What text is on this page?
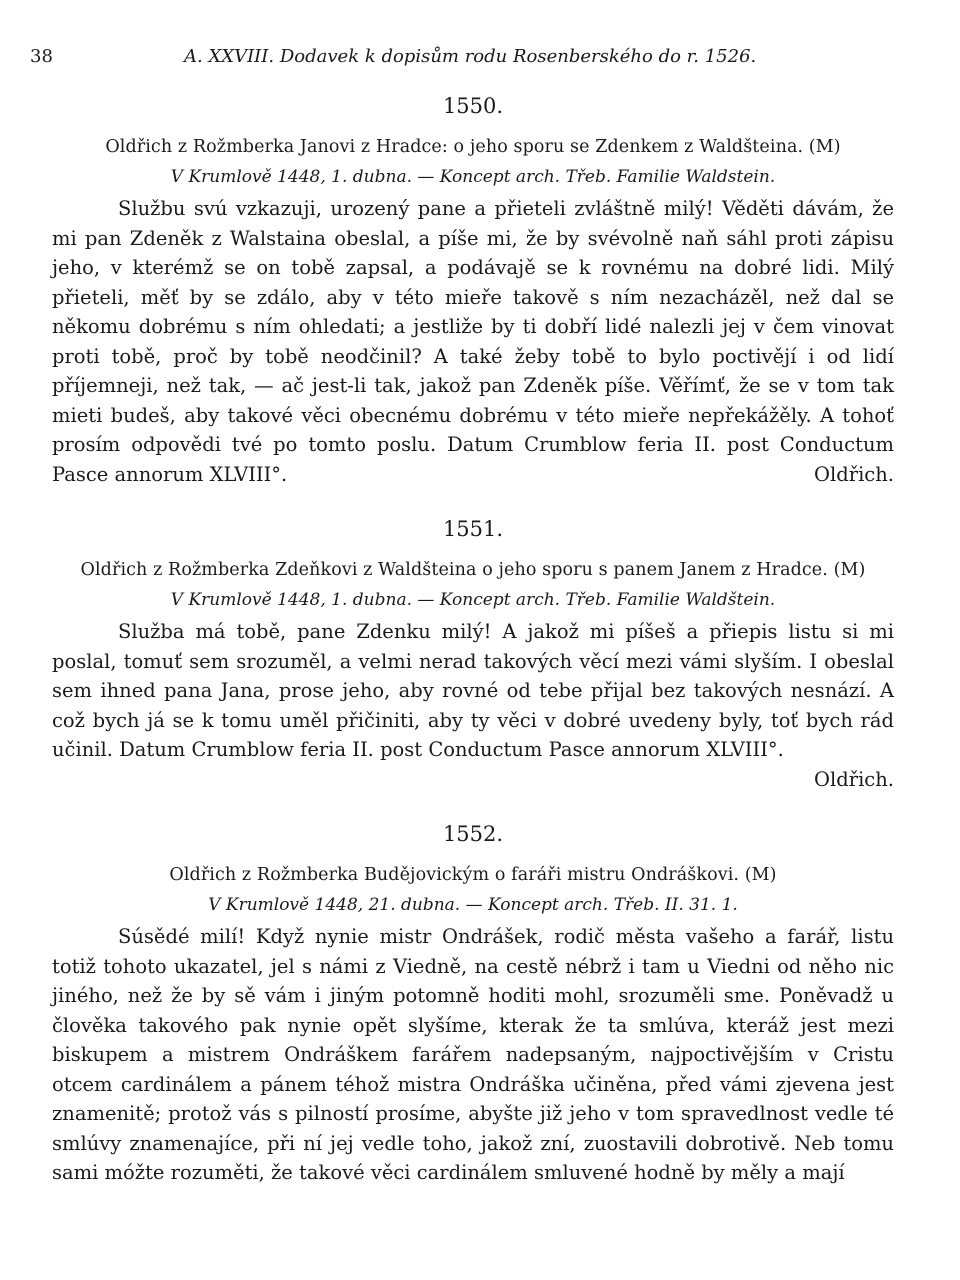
38	A. XXVIII. Dodavek k dopisům rodu Rosenberského do r. 1526.
1550.

Oldřich z Rožmberka Janovi z Hradce: o jeho sporu se Zdenkem z Waldšteina. (M)

V Krumlově 1448, 1. dubna. — Koncept arch. Třeb. Familie Waldstein.

Službu svú vzkazuji, urozený pane a přieteli zvláštně milý! Věděti dávám, že mi pan Zdeněk z Walstaina obeslal, a píše mi, že by svévolně naň sáhl proti zápisu jeho, v kterémž se on tobě zapsal, a podávajě se k rovnému na dobré lidi. Milý přieteli, měť by se zdálo, aby v této mieře takově s ním nezacházěl, než dal se někomu dobrému s ním ohledati; a jestliže by ti dobří lidé nalezli jej v čem vinovat proti tobě, proč by tobě neodčinil? A také žeby tobě to bylo poctivějí i od lidí příjemneji, než tak, — ač jest-li tak, jakož pan Zdeněk píše. Věřímť, že se v tom tak mieti budeš, aby takové věci obecnému dobrému v této mieře nepřekážěly. A tohoť prosím odpovědi tvé po tomto poslu. Datum Crumblow feria II. post Conductum Pasce annorum XLVIII°.	Oldřich.

1551.

Oldřich z Rožmberka Zdeňkovi z Waldšteina o jeho sporu s panem Janem z Hradce. (M)

V Krumlově 1448, 1. dubna. — Koncept arch. Třeb. Familie Waldštein.

Služba má tobě, pane Zdenku milý! A jakož mi píšeš a přiepis listu si mi poslal, tomuť sem srozuměl, a velmi nerad takových věcí mezi vámi slyším. I obeslal sem ihned pana Jana, prose jeho, aby rovné od tebe přijal bez takových nesnází. A což bych já se k tomu uměl přičiniti, aby ty věci v dobré uvedeny byly, toť bych rád učinil. Datum Crumblow feria II. post Conductum Pasce annorum XLVIII°.

Oldřich.

1552.

Oldřich z Rožmberka Budějovickým o faráři mistru Ondráškovi. (M)

V Krumlově 1448, 21. dubna. — Koncept arch. Třeb. II. 31. 1.

Súsědé milí! Když nynie mistr Ondrášek, rodič města vašeho a farář, listu totiž tohoto ukazatel, jel s námi z Viedně, na cestě nébrž i tam u Viedni od něho nic jiného, než že by sě vám i jiným potomně hoditi mohl, srozuměli sme. Poněvadž u člověka takového pak nynie opět slyšíme, kterak že ta smlúva, kteráž jest mezi biskupem a mistrem Ondráškem farářem nadepsaným, najpoctivějším v Cristu otcem cardinálem a pánem téhož mistra Ondráška učiněna, před vámi zjevena jest znamenitě; protož vás s pilností prosíme, abyšte již jeho v tom spravedlnost vedle té smlúvy znamenajíce, při ní jej vedle toho, jakož zní, zuostavili dobrotivě. Neb tomu sami móžte rozuměti, že takové věci cardinálem smluvené hodně by měly a mají
